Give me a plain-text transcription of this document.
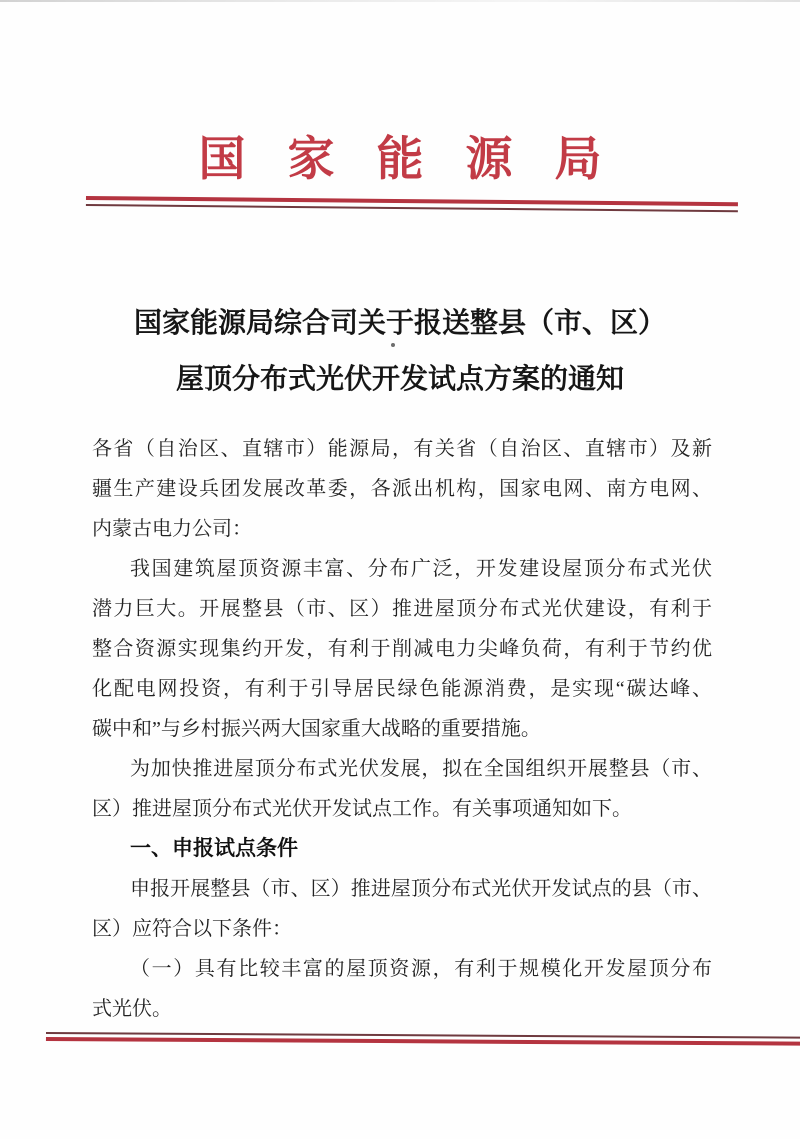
国家能源局
国家能源局综合司关于报送整县（市、区）
屋顶分布式光伏开发试点方案的通知
各省（自治区、直辖市）能源局，有关省（自治区、直辖市）及新
疆生产建设兵团发展改革委，各派出机构，国家电网、南方电网、
内蒙古电力公司：
我国建筑屋顶资源丰富、分布广泛，开发建设屋顶分布式光伏
潜力巨大。开展整县（市、区）推进屋顶分布式光伏建设，有利于
整合资源实现集约开发，有利于削减电力尖峰负荷，有利于节约优
化配电网投资，有利于引导居民绿色能源消费，是实现“碳达峰、
碳中和”与乡村振兴两大国家重大战略的重要措施。
为加快推进屋顶分布式光伏发展，拟在全国组织开展整县（市、
区）推进屋顶分布式光伏开发试点工作。有关事项通知如下。
一、申报试点条件
申报开展整县（市、区）推进屋顶分布式光伏开发试点的县（市、
区）应符合以下条件：
（一）具有比较丰富的屋顶资源，有利于规模化开发屋顶分布
式光伏。
